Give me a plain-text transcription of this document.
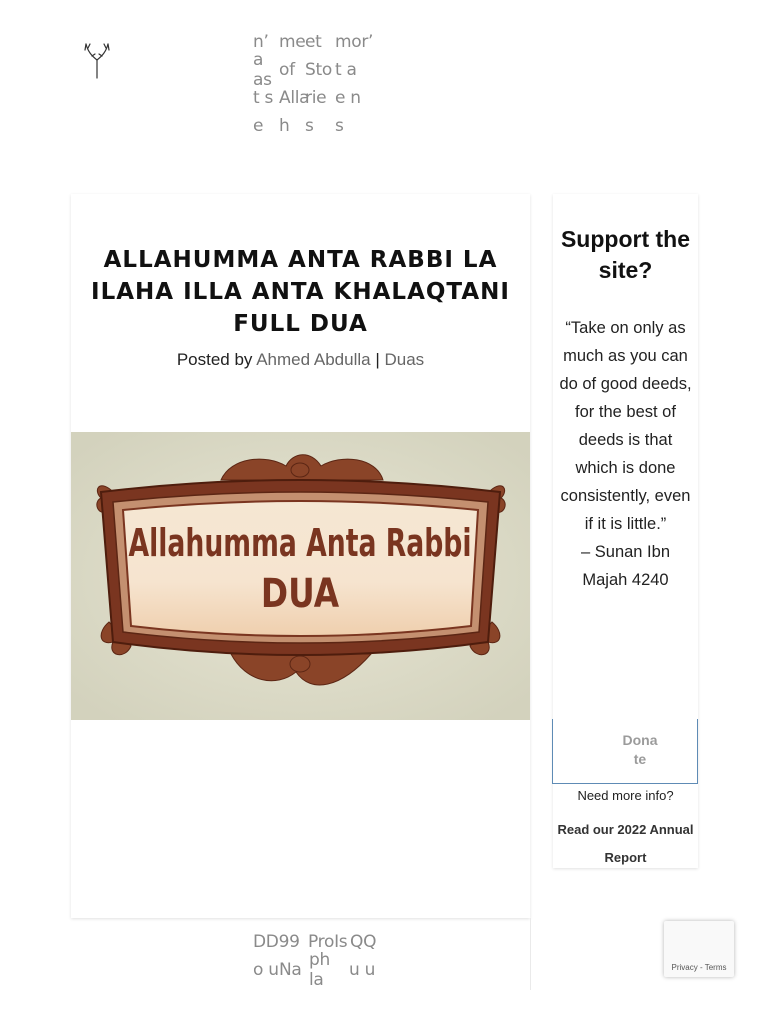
n’ me et mor’
a as of Sto t a
t s Alla
rie e n
e h s	s
ALLAHUMMA ANTA RABBI LA ILAHA ILLA ANTA KHALAQTANI FULL DUA

Posted by Ahmed Abdulla | Duas

Allahumma Anta Rabbi
DUA
Support the site?
“Take on only as much as you can do of good deeds, for the best of deeds is that which is done consistently, even if it is little.”
– Sunan Ibn Majah 4240
Dona
te

Need more info?

Read our 2022 Annual Report
DD99 ProIs QQ
o u Na ph la	u u	Privacy - Terms
